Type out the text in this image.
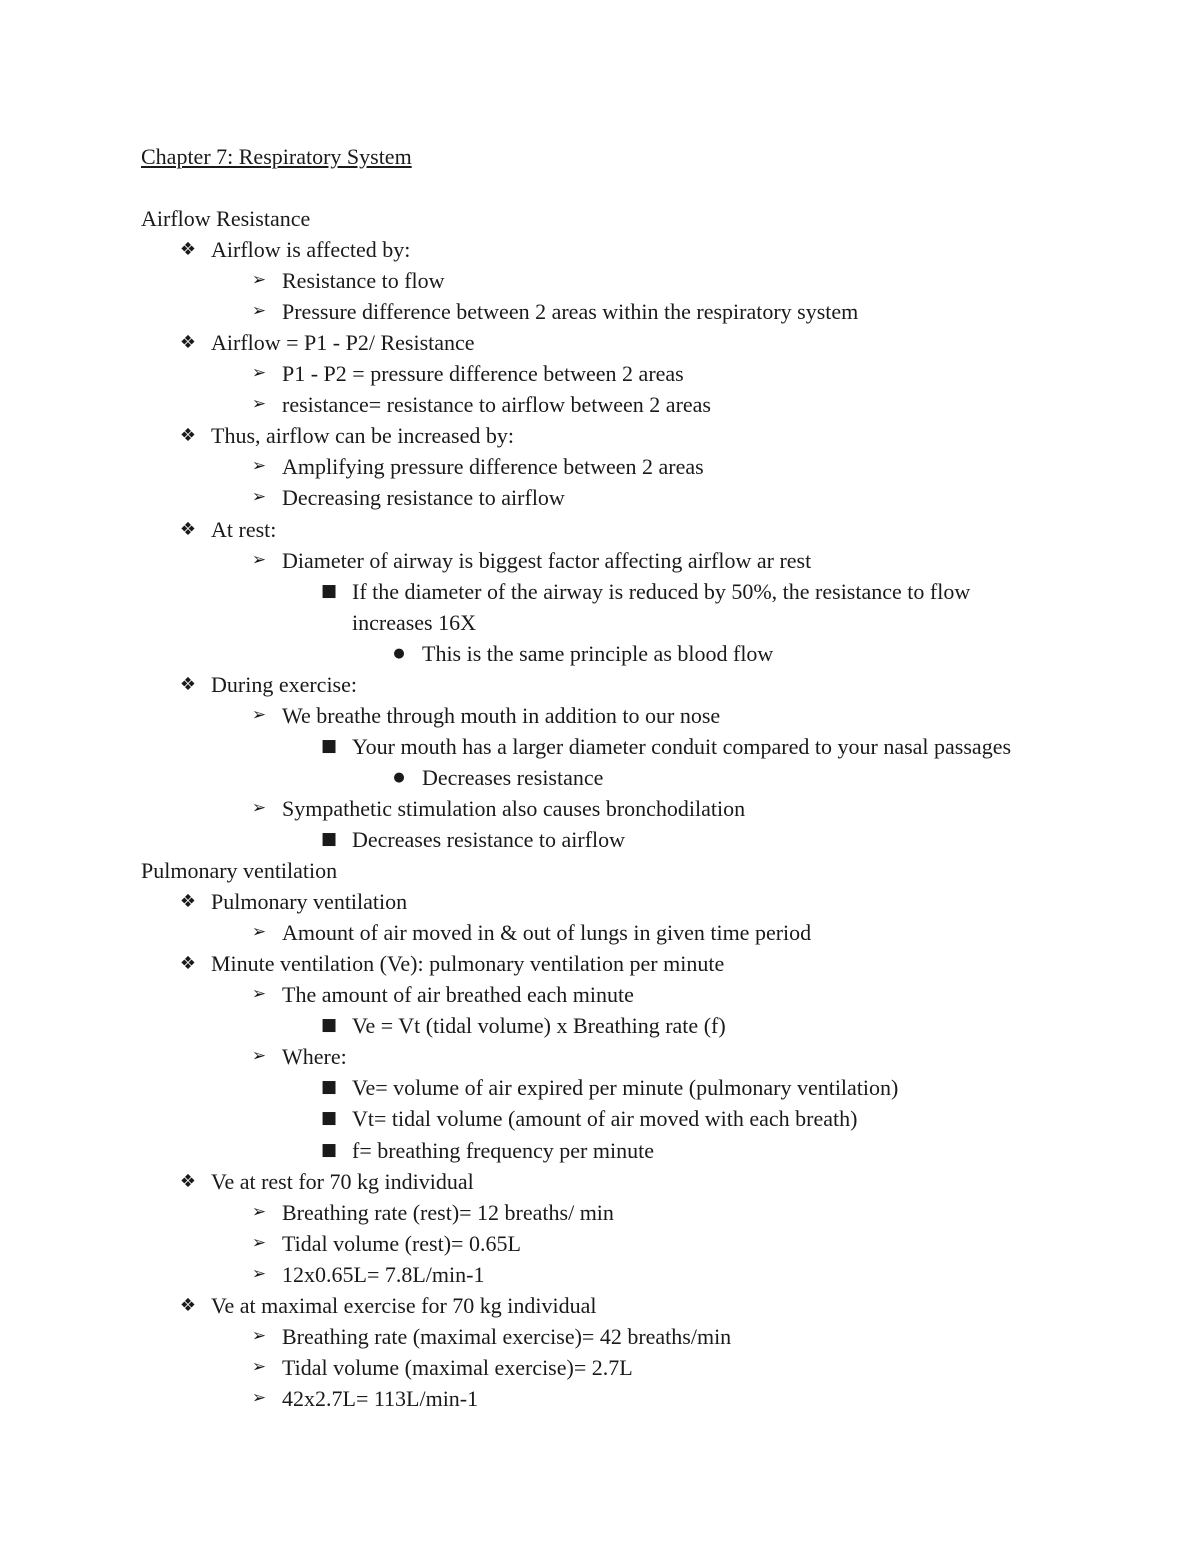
Chapter 7: Respiratory System
Airflow Resistance
❖ Airflow is affected by:
➢ Resistance to flow
➢ Pressure difference between 2 areas within the respiratory system
❖ Airflow = P1 - P2/ Resistance
➢ P1 - P2 = pressure difference between 2 areas
➢ resistance= resistance to airflow between 2 areas
❖ Thus, airflow can be increased by:
➢ Amplifying pressure difference between 2 areas
➢ Decreasing resistance to airflow
❖ At rest:
➢ Diameter of airway is biggest factor affecting airflow ar rest
■ If the diameter of the airway is reduced by 50%, the resistance to flow
increases 16X
● This is the same principle as blood flow
❖ During exercise:
➢ We breathe through mouth in addition to our nose
■ Your mouth has a larger diameter conduit compared to your nasal passages
● Decreases resistance
➢ Sympathetic stimulation also causes bronchodilation
■ Decreases resistance to airflow
Pulmonary ventilation
❖ Pulmonary ventilation
➢ Amount of air moved in & out of lungs in given time period
❖ Minute ventilation (Ve): pulmonary ventilation per minute
➢ The amount of air breathed each minute
■ Ve = Vt (tidal volume) x Breathing rate (f)
➢ Where:
■ Ve= volume of air expired per minute (pulmonary ventilation)
■ Vt= tidal volume (amount of air moved with each breath)
■ f= breathing frequency per minute
❖ Ve at rest for 70 kg individual
➢ Breathing rate (rest)= 12 breaths/ min
➢ Tidal volume (rest)= 0.65L
➢ 12x0.65L= 7.8L/min-1
❖ Ve at maximal exercise for 70 kg individual
➢ Breathing rate (maximal exercise)= 42 breaths/min
➢ Tidal volume (maximal exercise)= 2.7L
➢ 42x2.7L= 113L/min-1
